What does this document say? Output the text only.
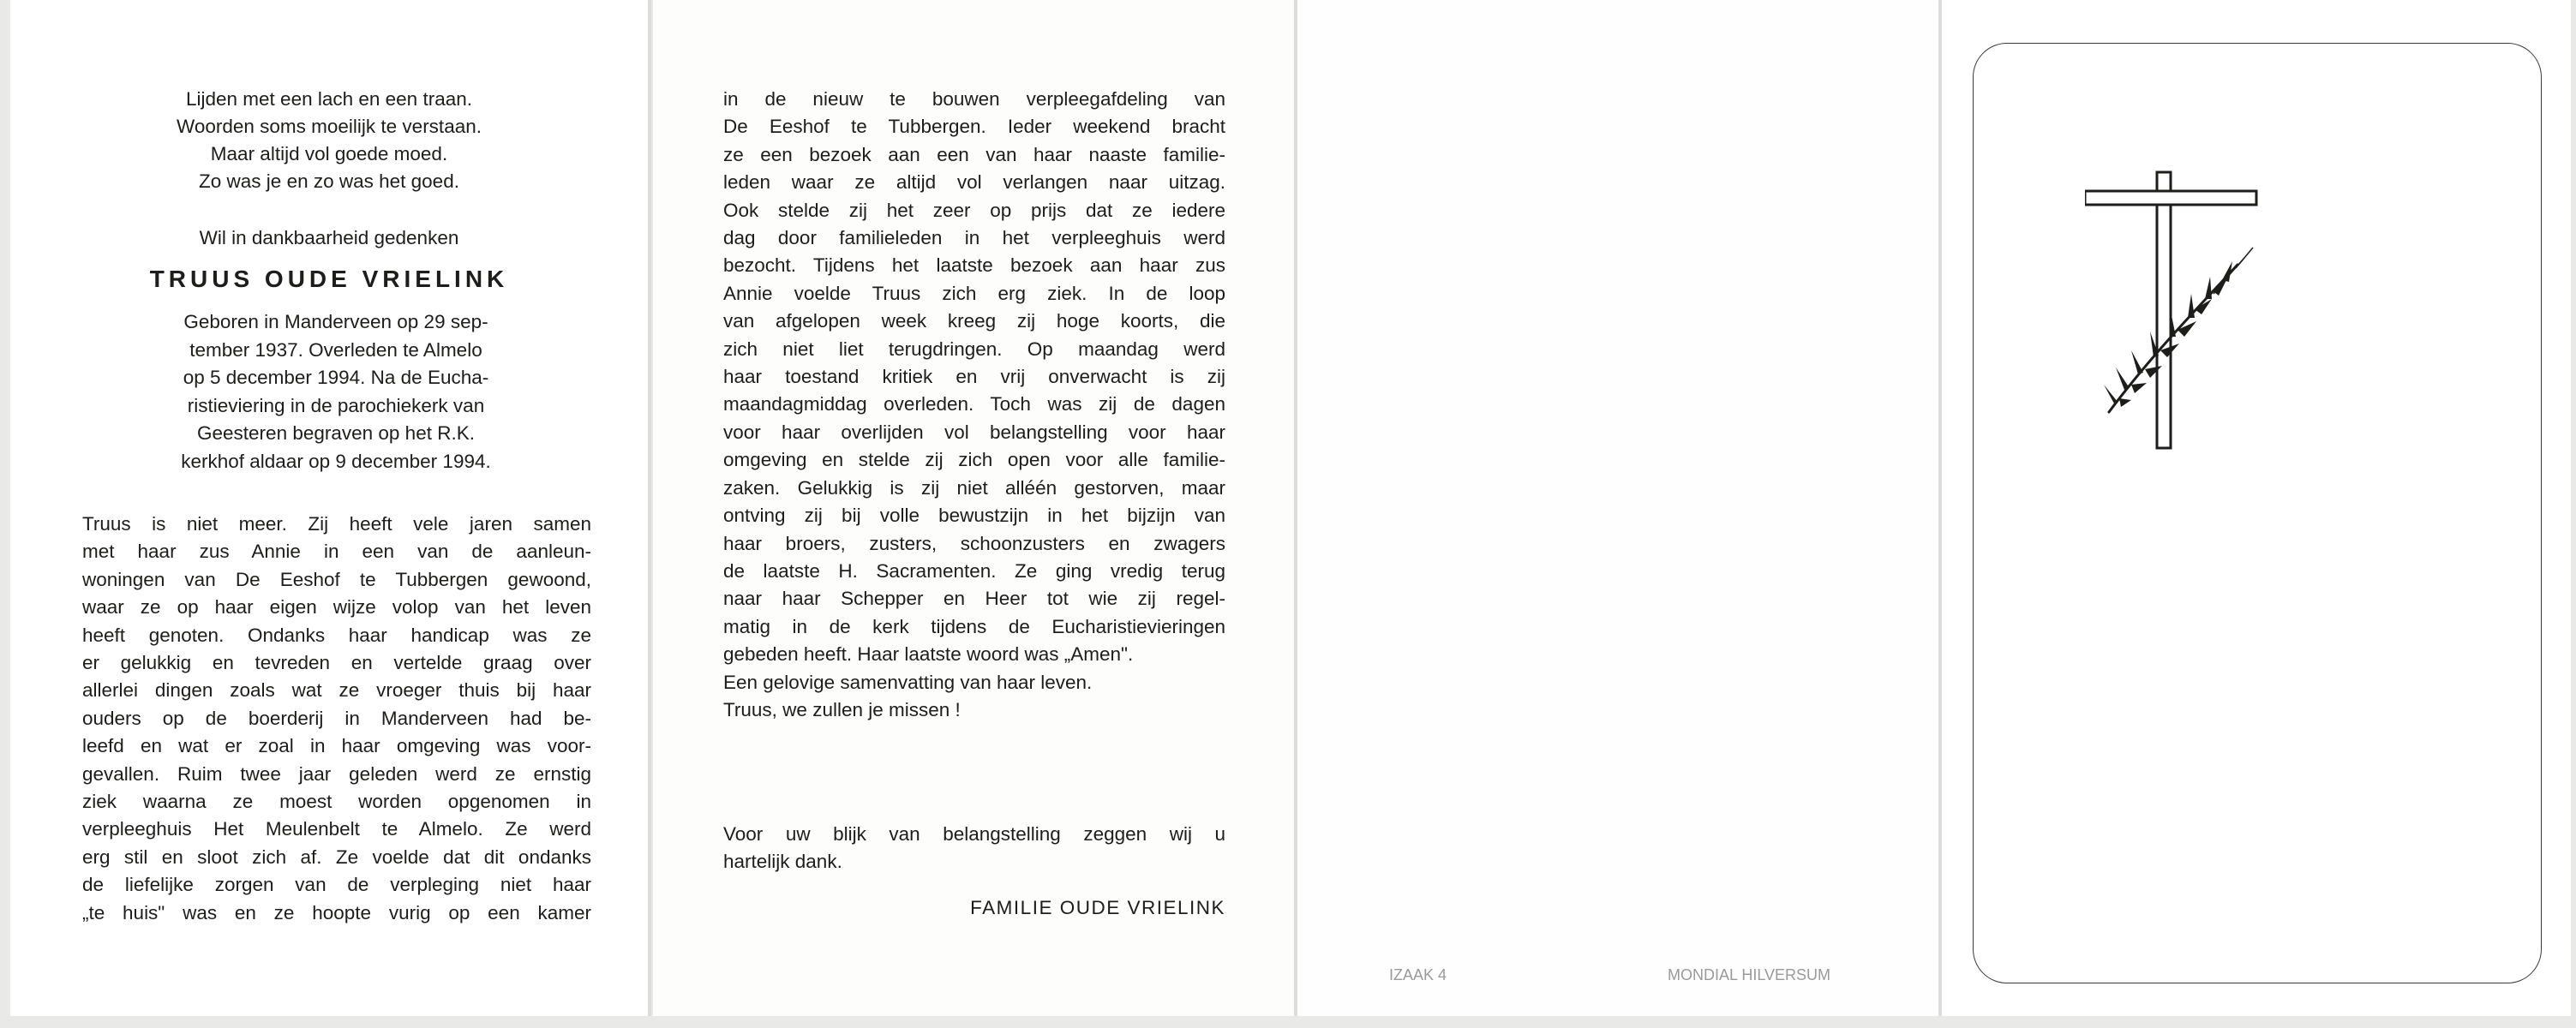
Lijden met een lach en een traan.
Woorden soms moeilijk te verstaan.
Maar altijd vol goede moed.
Zo was je en zo was het goed.
Wil in dankbaarheid gedenken
TRUUS OUDE VRIELINK
Geboren in Manderveen op 29 sep-
tember 1937. Overleden te Almelo
op 5 december 1994. Na de Eucha-
ristieviering in de parochiekerk van
Geesteren begraven op het R.K.
kerkhof aldaar op 9 december 1994.
Truus is niet meer. Zij heeft vele jaren samen
met haar zus Annie in een van de aanleun-
woningen van De Eeshof te Tubbergen gewoond,
waar ze op haar eigen wijze volop van het leven
heeft genoten. Ondanks haar handicap was ze
er gelukkig en tevreden en vertelde graag over
allerlei dingen zoals wat ze vroeger thuis bij haar
ouders op de boerderij in Manderveen had be-
leefd en wat er zoal in haar omgeving was voor-
gevallen. Ruim twee jaar geleden werd ze ernstig
ziek waarna ze moest worden opgenomen in
verpleeghuis Het Meulenbelt te Almelo. Ze werd
erg stil en sloot zich af. Ze voelde dat dit ondanks
de liefelijke zorgen van de verpleging niet haar
„te huis" was en ze hoopte vurig op een kamer
in de nieuw te bouwen verpleegafdeling van
De Eeshof te Tubbergen. Ieder weekend bracht
ze een bezoek aan een van haar naaste familie-
leden waar ze altijd vol verlangen naar uitzag.
Ook stelde zij het zeer op prijs dat ze iedere
dag door familieleden in het verpleeghuis werd
bezocht. Tijdens het laatste bezoek aan haar zus
Annie voelde Truus zich erg ziek. In de loop
van afgelopen week kreeg zij hoge koorts, die
zich niet liet terugdringen. Op maandag werd
haar toestand kritiek en vrij onverwacht is zij
maandagmiddag overleden. Toch was zij de dagen
voor haar overlijden vol belangstelling voor haar
omgeving en stelde zij zich open voor alle familie-
zaken. Gelukkig is zij niet alléén gestorven, maar
ontving zij bij volle bewustzijn in het bijzijn van
haar broers, zusters, schoonzusters en zwagers
de laatste H. Sacramenten. Ze ging vredig terug
naar haar Schepper en Heer tot wie zij regel-
matig in de kerk tijdens de Eucharistievieringen
gebeden heeft. Haar laatste woord was „Amen".
Een gelovige samenvatting van haar leven.
Truus, we zullen je missen !
Voor uw blijk van belangstelling zeggen wij u
hartelijk dank.
FAMILIE OUDE VRIELINK
IZAAK 4	MONDIAL HILVERSUM
